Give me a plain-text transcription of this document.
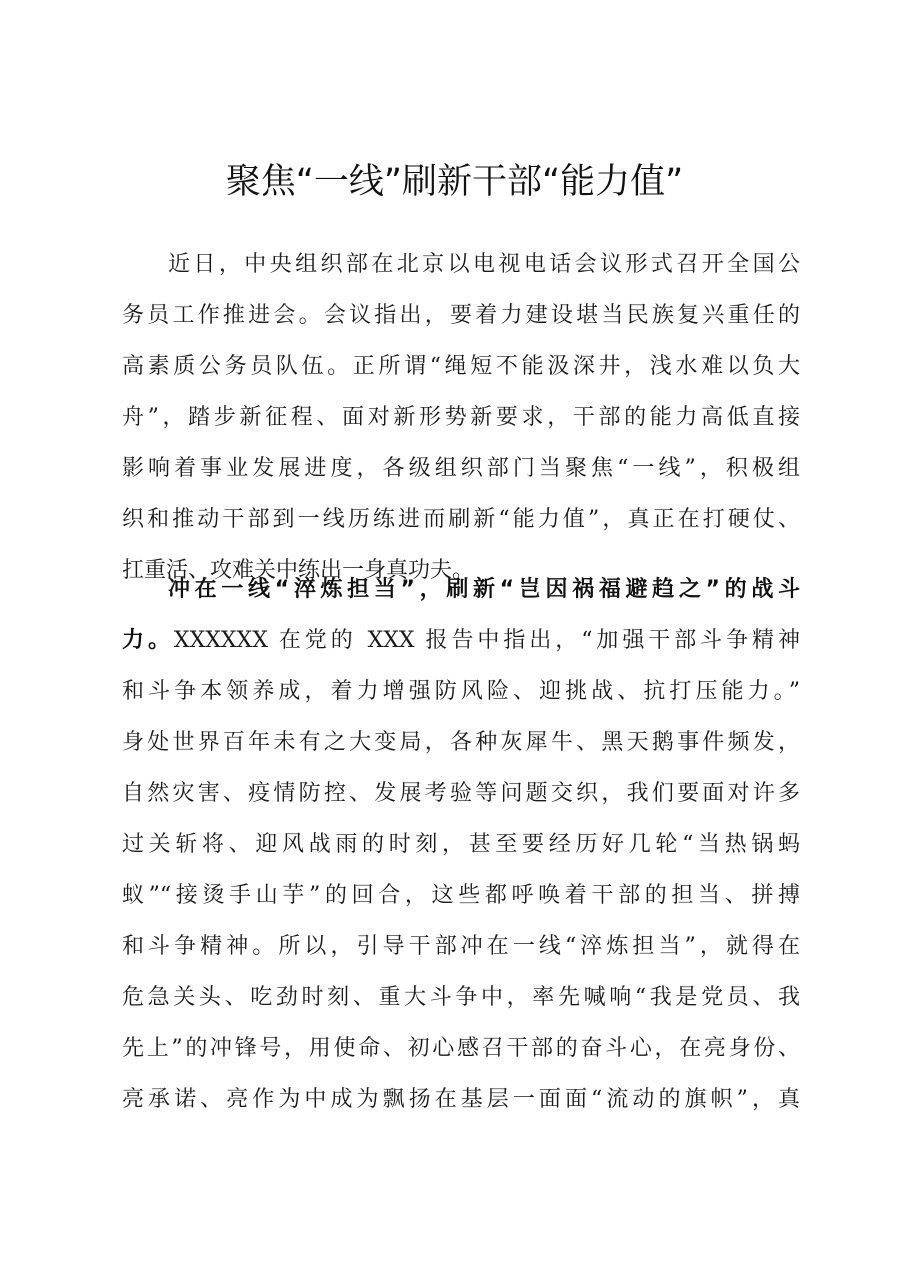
聚焦“一线”刷新干部“能力值”
近日，中央组织部在北京以电视电话会议形式召开全国公
务员工作推进会。会议指出，要着力建设堪当民族复兴重任的
高素质公务员队伍。正所谓“绳短不能汲深井，浅水难以负大
舟”，踏步新征程、面对新形势新要求，干部的能力高低直接
影响着事业发展进度，各级组织部门当聚焦“一线”，积极组
织和推动干部到一线历练进而刷新“能力值”，真正在打硬仗、
扛重活、攻难关中练出一身真功夫。
冲在一线“淬炼担当”，刷新“岂因祸福避趋之”的战斗
力。XXXXXX 在党的 XXX 报告中指出，“加强干部斗争精神
和斗争本领养成，着力增强防风险、迎挑战、抗打压能力。”
身处世界百年未有之大变局，各种灰犀牛、黑天鹅事件频发，
自然灾害、疫情防控、发展考验等问题交织，我们要面对许多
过关斩将、迎风战雨的时刻，甚至要经历好几轮“当热锅蚂
蚁”“接烫手山芋”的回合，这些都呼唤着干部的担当、拼搏
和斗争精神。所以，引导干部冲在一线“淬炼担当”，就得在
危急关头、吃劲时刻、重大斗争中，率先喊响“我是党员、我
先上”的冲锋号，用使命、初心感召干部的奋斗心，在亮身份、
亮承诺、亮作为中成为飘扬在基层一面面“流动的旗帜”，真
